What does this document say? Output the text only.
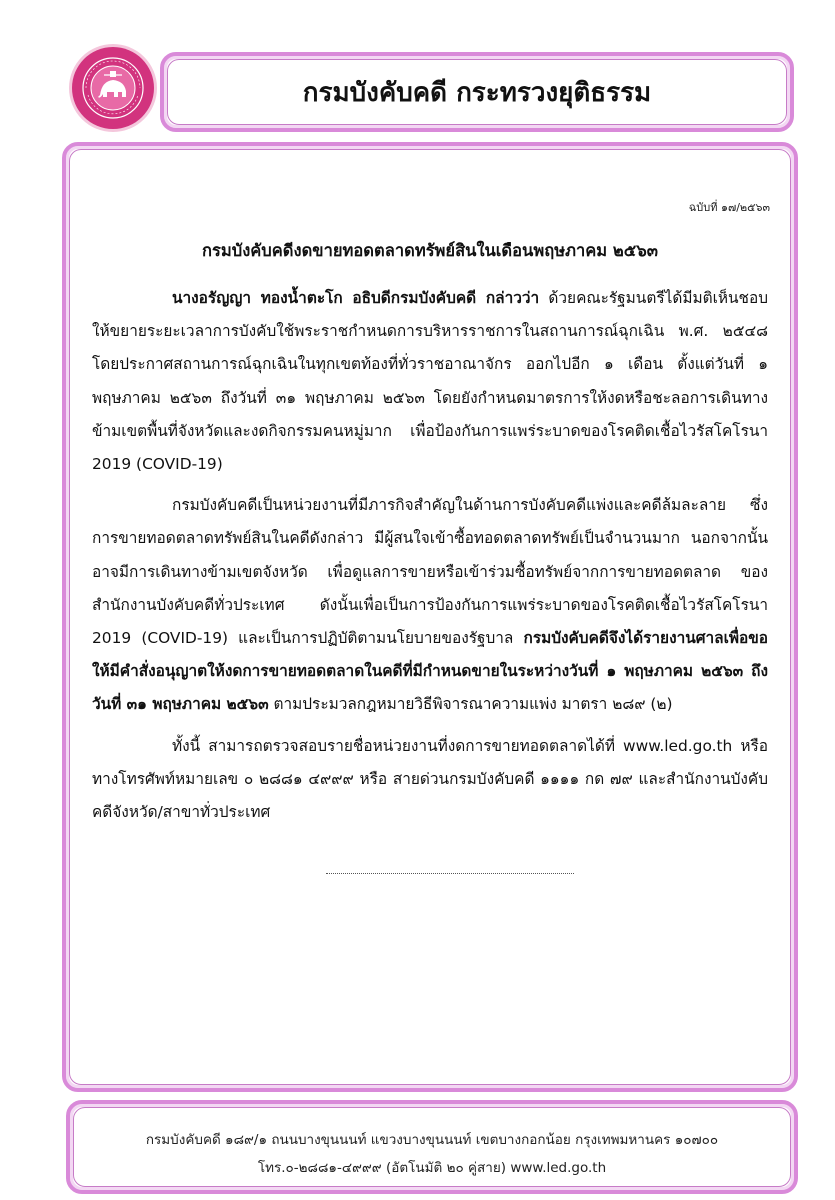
กรมบังคับคดี กระทรวงยุติธรรม
ฉบับที่ ๑๗/๒๕๖๓
กรมบังคับคดีงดขายทอดตลาดทรัพย์สินในเดือนพฤษภาคม ๒๕๖๓

นางอรัญญา ทองน้ำตะโก อธิบดีกรมบังคับคดี กล่าวว่า ด้วยคณะรัฐมนตรีได้มีมติเห็นชอบให้ขยายระยะเวลาการบังคับใช้พระราชกำหนดการบริหารราชการในสถานการณ์ฉุกเฉิน พ.ศ. ๒๕๔๘ โดยประกาศสถานการณ์ฉุกเฉินในทุกเขตท้องที่ทั่วราชอาณาจักร ออกไปอีก ๑ เดือน ตั้งแต่วันที่ ๑ พฤษภาคม ๒๕๖๓ ถึงวันที่ ๓๑ พฤษภาคม ๒๕๖๓ โดยยังกำหนดมาตรการให้งดหรือชะลอการเดินทางข้ามเขตพื้นที่จังหวัดและงดกิจกรรมคนหมู่มาก เพื่อป้องกันการแพร่ระบาดของโรคติดเชื้อไวรัสโคโรนา 2019 (COVID-19)

กรมบังคับคดีเป็นหน่วยงานที่มีภารกิจสำคัญในด้านการบังคับคดีแพ่งและคดีล้มละลาย ซึ่งการขายทอดตลาดทรัพย์สินในคดีดังกล่าว มีผู้สนใจเข้าซื้อทอดตลาดทรัพย์เป็นจำนวนมาก นอกจากนั้นอาจมีการเดินทางข้ามเขตจังหวัด เพื่อดูแลการขายหรือเข้าร่วมซื้อทรัพย์จากการขายทอดตลาด ของสำนักงานบังคับคดีทั่วประเทศ ดังนั้นเพื่อเป็นการป้องกันการแพร่ระบาดของโรคติดเชื้อไวรัสโคโรนา 2019 (COVID-19) และเป็นการปฏิบัติตามนโยบายของรัฐบาล กรมบังคับคดีจึงได้รายงานศาลเพื่อขอให้มีคำสั่งอนุญาตให้งดการขายทอดตลาดในคดีที่มีกำหนดขายในระหว่างวันที่ ๑ พฤษภาคม ๒๕๖๓ ถึงวันที่ ๓๑ พฤษภาคม ๒๕๖๓ ตามประมวลกฎหมายวิธีพิจารณาความแพ่ง มาตรา ๒๘๙ (๒)

ทั้งนี้ สามารถตรวจสอบรายชื่อหน่วยงานที่งดการขายทอดตลาดได้ที่ www.led.go.th หรือทางโทรศัพท์หมายเลข ๐ ๒๘๘๑ ๔๙๙๙ หรือ สายด่วนกรมบังคับคดี ๑๑๑๑ กด ๗๙ และสำนักงานบังคับคดีจังหวัด/สาขาทั่วประเทศ

กรมบังคับคดี ๑๘๙/๑ ถนนบางขุนนนท์ แขวงบางขุนนนท์ เขตบางกอกน้อย กรุงเทพมหานคร ๑๐๗๐๐
โทร.๐-๒๘๘๑-๔๙๙๙ (อัตโนมัติ ๒๐ คู่สาย) www.led.go.th
